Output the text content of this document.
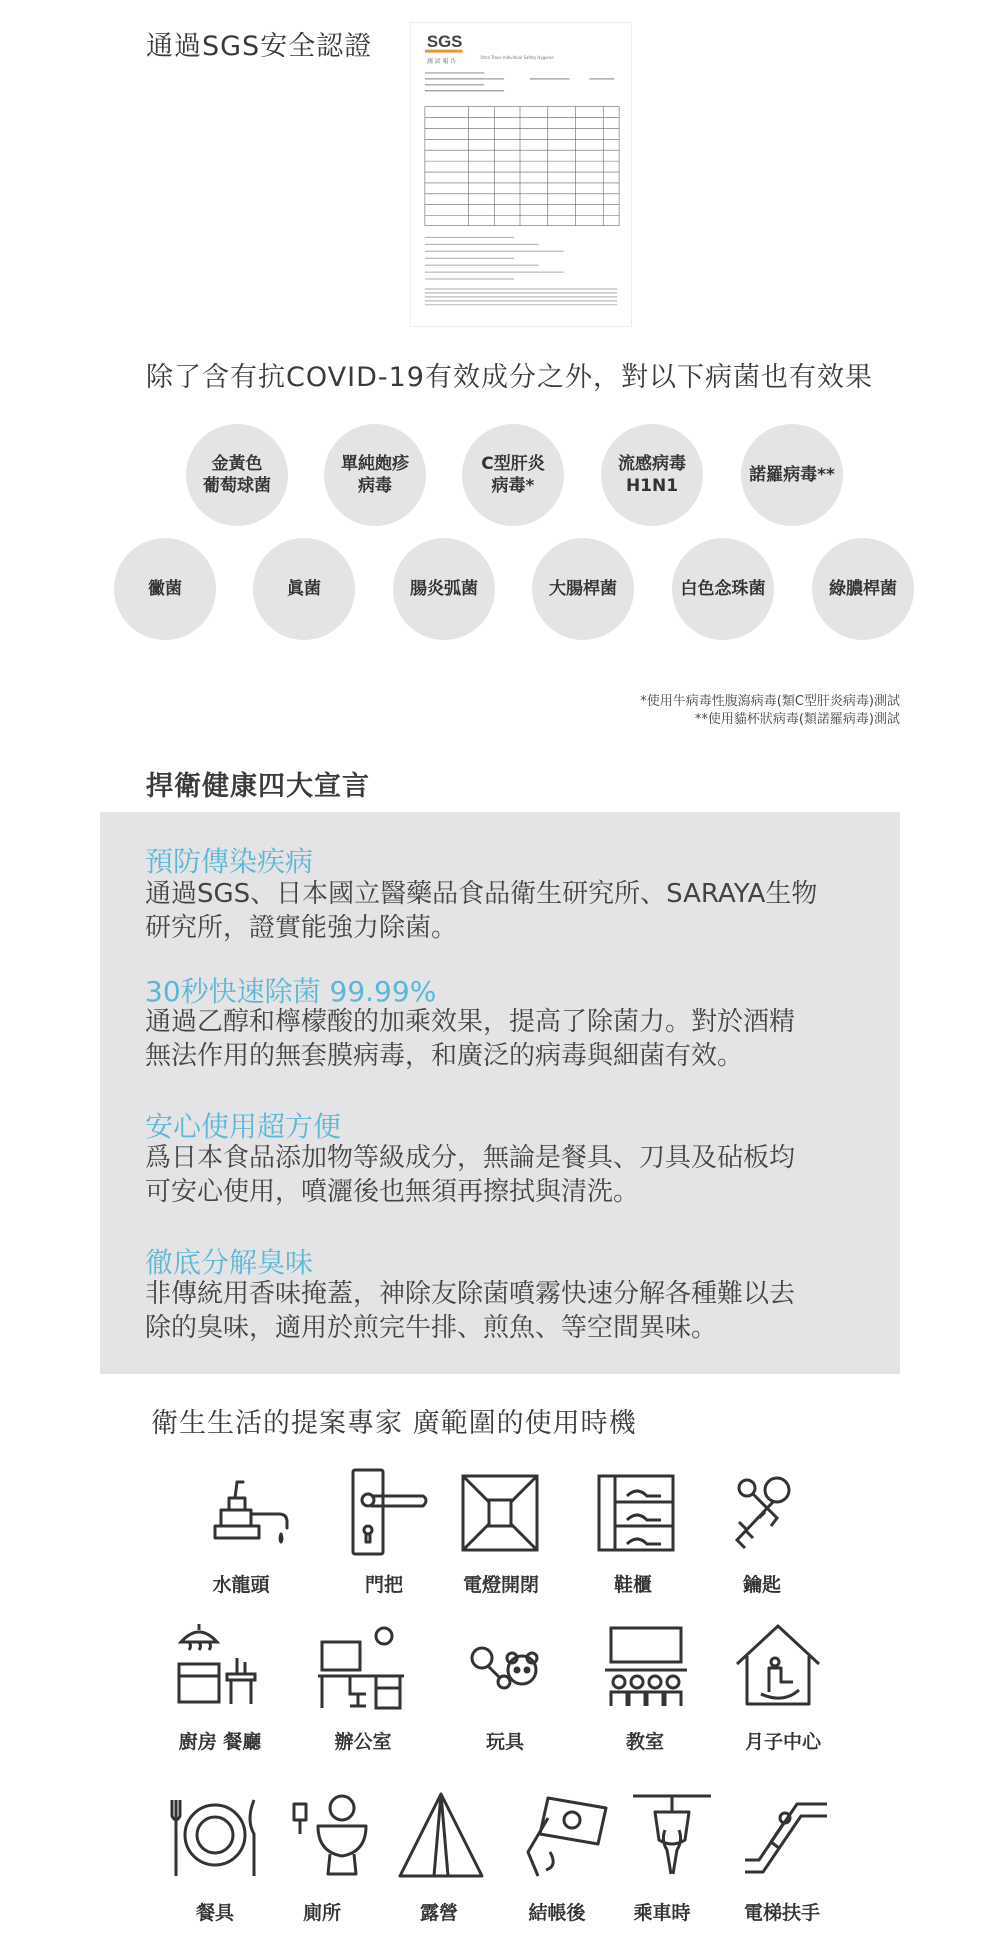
通過SGS安全認證	SGS
測 試 報 告
Ultra Trace Individual Safety Hygiene
除了含有抗COVID-19有效成分之外，對以下病菌也有效果
金黃色
葡萄球菌
單純皰疹
病毒
C型肝炎
病毒*
流感病毒
H1N1
諾羅病毒**
黴菌	眞菌	腸炎弧菌	大腸桿菌	白色念珠菌	綠膿桿菌
*使用牛病毒性腹瀉病毒(類C型肝炎病毒)測試
**使用貓杯狀病毒(類諾羅病毒)測試
捍衛健康四大宣言
預防傳染疾病
通過SGS、日本國立醫藥品食品衛生研究所、SARAYA生物
研究所，證實能強力除菌。
30秒快速除菌 99.99%
通過乙醇和檸檬酸的加乘效果，提高了除菌力。對於酒精
無法作用的無套膜病毒，和廣泛的病毒與細菌有效。
安心使用超方便
爲日本食品添加物等級成分，無論是餐具、刀具及砧板均
可安心使用，噴灑後也無須再擦拭與清洗。
徹底分解臭味
非傳統用香味掩蓋，神除友除菌噴霧快速分解各種難以去
除的臭味，適用於煎完牛排、煎魚、等空間異味。
衛生生活的提案專家 廣範圍的使用時機
水龍頭	門把	電燈開閉	鞋櫃	鑰匙
廚房 餐廳	辦公室	玩具	教室	月子中心
餐具	廁所	露營	結帳後	乘車時	電梯扶手
